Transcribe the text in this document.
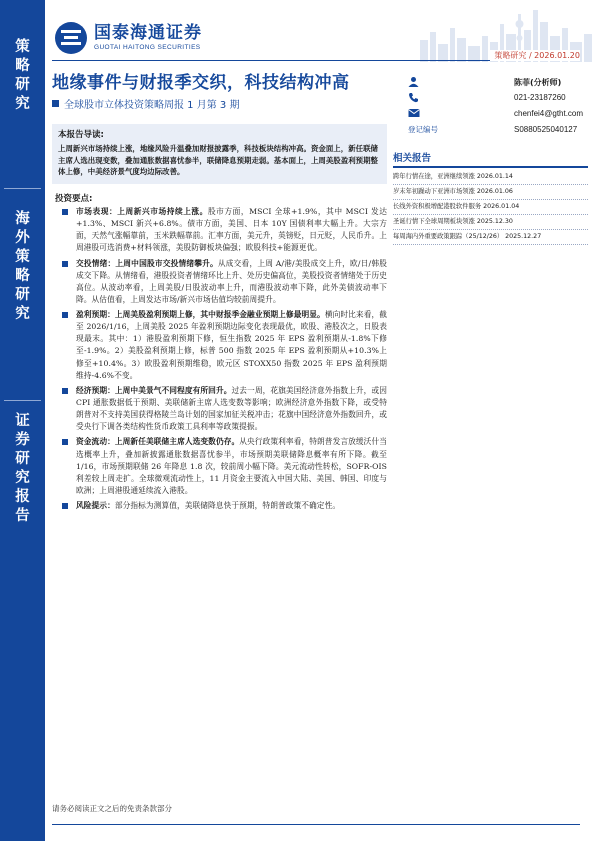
策
略
研
究
海
外
策
略
研
究
证
券
研
究
报
告
国泰海通证券
GUOTAI HAITONG SECURITIES
策略研究 / 2026.01.20
地缘事件与财报季交织，科技结构冲高
全球股市立体投资策略周报 1 月第 3 期
陈菲(分析师)
021-23187260
chenfei4@gtht.com
登记编号	S0880525040127
本报告导读:
上周新兴市场持续上涨，地缘风险升温叠加财报披露季，科技板块结构冲高。资金面上，新任联储主席人选出现变数，叠加通胀数据喜忧参半，联储降息预期走弱。基本面上，上周美股盈利预期整体上修，中美经济景气度均边际改善。
投资要点:
市场表现：上周新兴市场持续上涨。股市方面，MSCI 全球+1.9%，其中 MSCI 发达+1.3%、MSCI 新兴+6.8%。债市方面，美国、日本 10Y 国债利率大幅上升。大宗方面，天然气涨幅靠前，玉米跌幅靠前。汇率方面，美元升，英镑贬，日元贬，人民币升。上周港股可选消费+材料领涨，美股防御板块偏强；欧股科技+能源更优。
交投情绪：上周中国股市交投情绪攀升。从成交看，上周 A/港/美股成交上升，欧/日/韩股成交下降。从情绪看，港股投资者情绪环比上升、处历史偏高位，美股投资者情绪处于历史高位。从波动率看，上周美股/日股波动率上升，而港股波动率下降，此外美债波动率下降。从估值看，上周发达市场/新兴市场估值均较前周提升。
盈利预期：上周美股盈利预期上修，其中财报季金融业预期上修最明显。横向时比来看，截至 2026/1/16，上周美股 2025 年盈利预期边际变化表现最优，欧股、港股次之，日股表现最末。其中：1）港股盈利预期下修，恒生指数 2025 年 EPS 盈利预期从-1.8%下修至-1.9%。2）美股盈利预期上修，标普 500 指数 2025 年 EPS 盈利预期从+10.3%上修至+10.4%。3）欧股盈利预期维稳，欧元区 STOXX50 指数 2025 年 EPS 盈利预期维持-4.6%不变。
经济预期：上周中美景气不同程度有所回升。过去一周，花旗美国经济意外指数上升，或因 CPI 通胀数据低于预期、美联储新主席人选变数等影响；欧洲经济意外指数下降，或受特朗普对不支持美国获得格陵兰岛计划的国家加征关税冲击；花旗中国经济意外指数回升，或受央行下调各类结构性货币政策工具利率等政策提振。
资金流动：上周新任美联储主席人选变数仍存。从央行政策利率看，特朗普发言放缓沃什当选概率上升，叠加新披露通胀数据喜忧参半，市场预期美联储降息概率有所下降。截至 1/16，市场预期联储 26 年降息 1.8 次，较前周小幅下降。美元流动性转松，SOFR-OIS 利差较上周走扩。全球微观流动性上，11 月资金主要流入中国大陆、美国、韩国、印度与欧洲；上周港股通延续流入港股。
风险提示：部分指标为测算值，美联储降息快于预期，特朗普政策不确定性。
相关报告
跨年行情在途，亚洲继续领涨 2026.01.14
岁末年初躁动下亚洲市场领涨 2026.01.06
长线外资积极增配港股软件服务 2026.01.04
圣诞行情下全球周期板块领涨 2025.12.30
每周海内外重要政策跟踪（25/12/26） 2025.12.27
请务必阅读正文之后的免责条款部分
